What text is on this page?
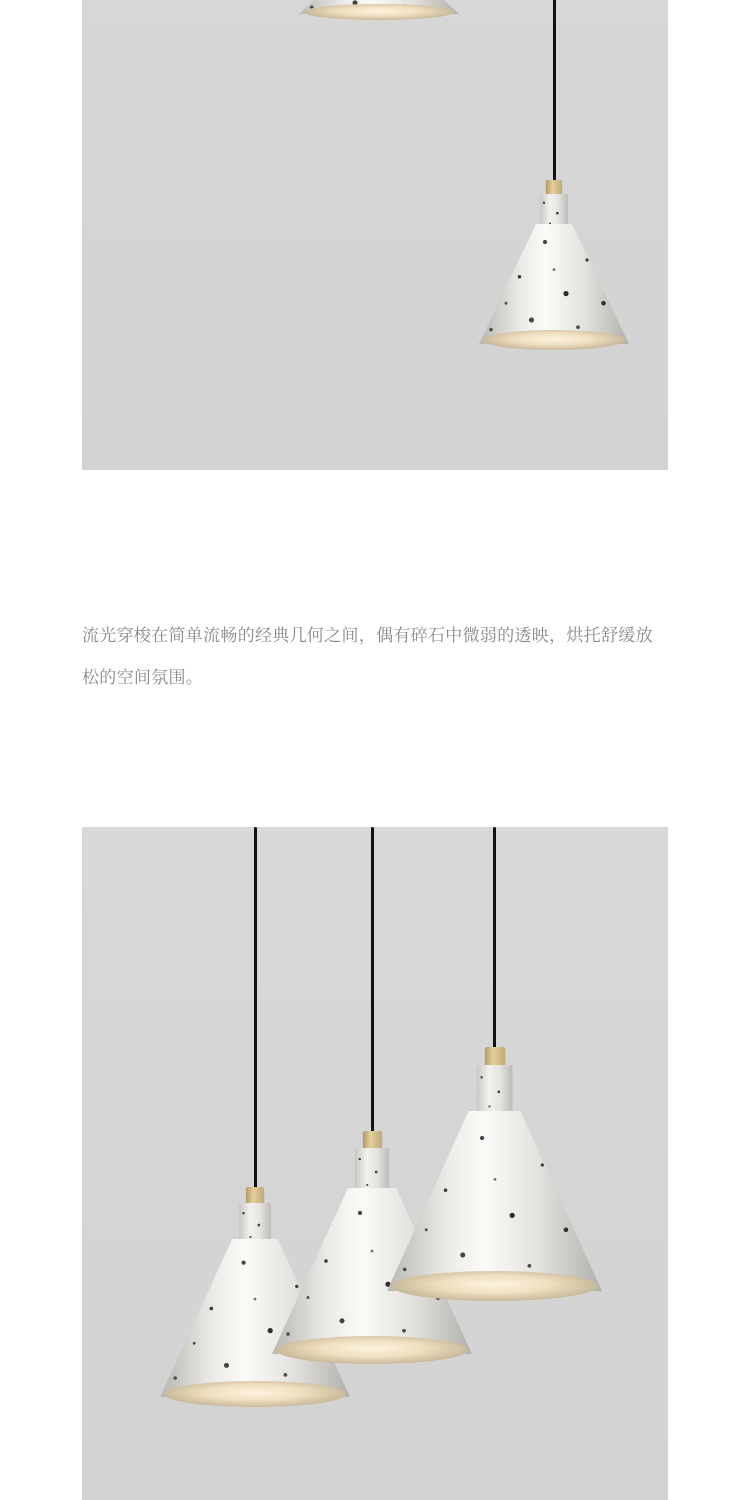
流光穿梭在简单流畅的经典几何之间，偶有碎石中微弱的透映，烘托舒缓放松的空间氛围。
